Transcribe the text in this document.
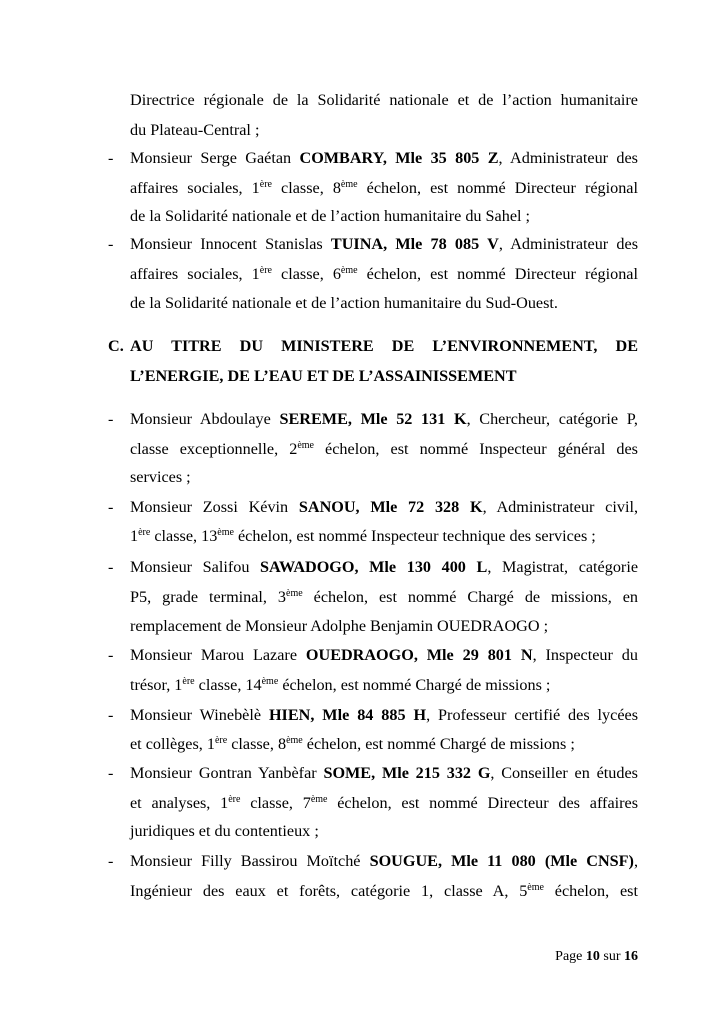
Directrice régionale de la Solidarité nationale et de l’action humanitaire
du Plateau-Central ;
- Monsieur Serge Gaétan COMBARY, Mle 35 805 Z, Administrateur des
affaires sociales, 1ère classe, 8ème échelon, est nommé Directeur régional
de la Solidarité nationale et de l’action humanitaire du Sahel ;
- Monsieur Innocent Stanislas TUINA, Mle 78 085 V, Administrateur des
affaires sociales, 1ère classe, 6ème échelon, est nommé Directeur régional
de la Solidarité nationale et de l’action humanitaire du Sud-Ouest.
C. AU TITRE DU MINISTERE DE L’ENVIRONNEMENT, DE
L’ENERGIE, DE L’EAU ET DE L’ASSAINISSEMENT
- Monsieur Abdoulaye SEREME, Mle 52 131 K, Chercheur, catégorie P,
classe exceptionnelle, 2ème échelon, est nommé Inspecteur général des
services ;
- Monsieur Zossi Kévin SANOU, Mle 72 328 K, Administrateur civil,
1ère classe, 13ème échelon, est nommé Inspecteur technique des services ;
- Monsieur Salifou SAWADOGO, Mle 130 400 L, Magistrat, catégorie
P5, grade terminal, 3ème échelon, est nommé Chargé de missions, en
remplacement de Monsieur Adolphe Benjamin OUEDRAOGO ;
- Monsieur Marou Lazare OUEDRAOGO, Mle 29 801 N, Inspecteur du
trésor, 1ère classe, 14ème échelon, est nommé Chargé de missions ;
- Monsieur Winebèlè HIEN, Mle 84 885 H, Professeur certifié des lycées
et collèges, 1ère classe, 8ème échelon, est nommé Chargé de missions ;
- Monsieur Gontran Yanbèfar SOME, Mle 215 332 G, Conseiller en études
et analyses, 1ère classe, 7ème échelon, est nommé Directeur des affaires
juridiques et du contentieux ;
- Monsieur Filly Bassirou Moïtché SOUGUE, Mle 11 080 (Mle CNSF),
Ingénieur des eaux et forêts, catégorie 1, classe A, 5ème échelon, est
Page 10 sur 16
